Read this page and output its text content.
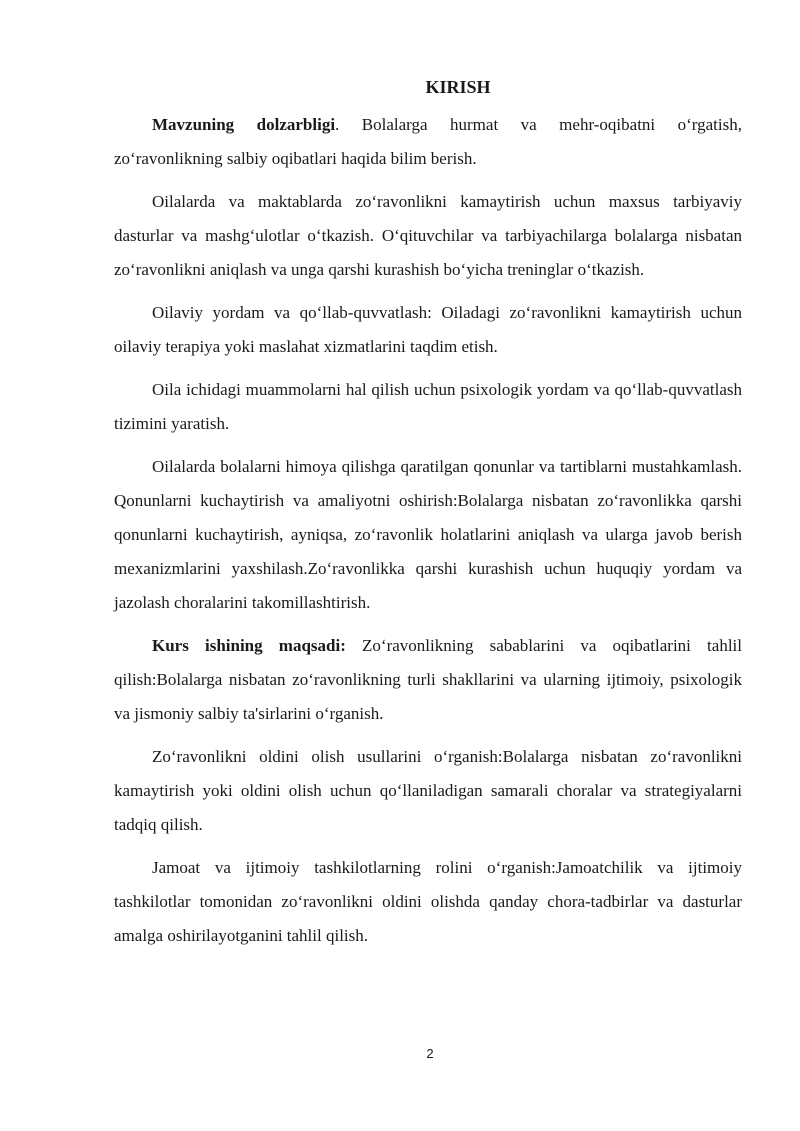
KIRISH

Mavzuning dolzarbligi. Bolalarga hurmat va mehr-oqibatni o‘rgatish, zo‘ravonlikning salbiy oqibatlari haqida bilim berish.

Oilalarda va maktablarda zo‘ravonlikni kamaytirish uchun maxsus tarbiyaviy dasturlar va mashg‘ulotlar o‘tkazish. O‘qituvchilar va tarbiyachilarga bolalarga nisbatan zo‘ravonlikni aniqlash va unga qarshi kurashish bo‘yicha treninglar o‘tkazish.

Oilaviy yordam va qo‘llab-quvvatlash: Oiladagi zo‘ravonlikni kamaytirish uchun oilaviy terapiya yoki maslahat xizmatlarini taqdim etish.

Oila ichidagi muammolarni hal qilish uchun psixologik yordam va qo‘llab-quvvatlash tizimini yaratish.

Oilalarda bolalarni himoya qilishga qaratilgan qonunlar va tartiblarni mustahkamlash. Qonunlarni kuchaytirish va amaliyotni oshirish:Bolalarga nisbatan zo‘ravonlikka qarshi qonunlarni kuchaytirish, ayniqsa, zo‘ravonlik holatlarini aniqlash va ularga javob berish mexanizmlarini yaxshilash.Zo‘ravonlikka qarshi kurashish uchun huquqiy yordam va jazolash choralarini takomillashtirish.

Kurs ishining maqsadi: Zo‘ravonlikning sabablarini va oqibatlarini tahlil qilish:Bolalarga nisbatan zo‘ravonlikning turli shakllarini va ularning ijtimoiy, psixologik va jismoniy salbiy ta'sirlarini o‘rganish.

Zo‘ravonlikni oldini olish usullarini o‘rganish:Bolalarga nisbatan zo‘ravonlikni kamaytirish yoki oldini olish uchun qo‘llaniladigan samarali choralar va strategiyalarni tadqiq qilish.

Jamoat va ijtimoiy tashkilotlarning rolini o‘rganish:Jamoatchilik va ijtimoiy tashkilotlar tomonidan zo‘ravonlikni oldini olishda qanday chora-tadbirlar va dasturlar amalga oshirilayotganini tahlil qilish.

2
